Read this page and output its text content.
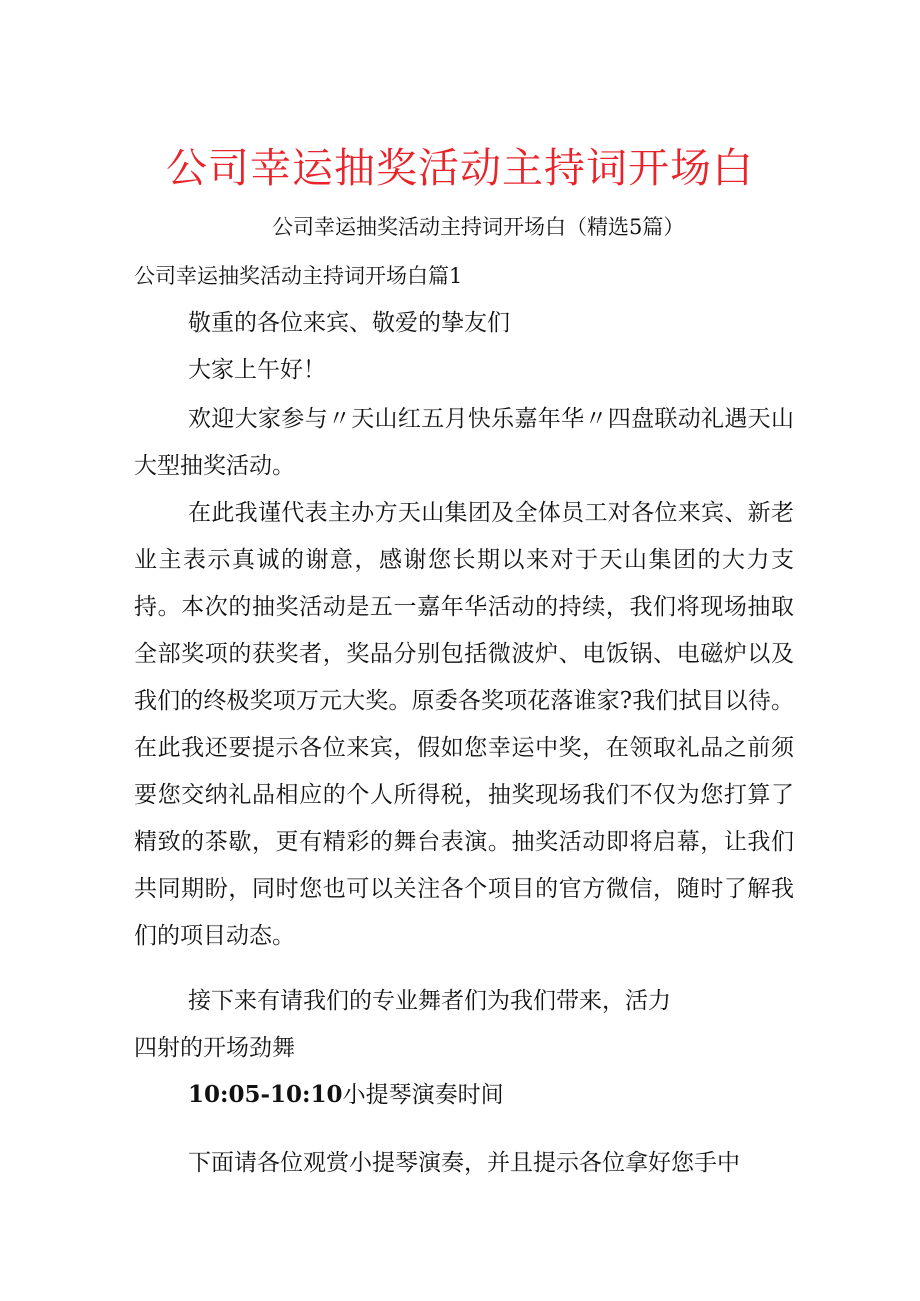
公司幸运抽奖活动主持词开场白
公司幸运抽奖活动主持词开场白（精选5篇）
公司幸运抽奖活动主持词开场白篇1
敬重的各位来宾、敬爱的挚友们
大家上午好！
欢迎大家参与〃天山红五月快乐嘉年华〃四盘联动礼遇天山大型抽奖活动。
在此我谨代表主办方天山集团及全体员工对各位来宾、新老业主表示真诚的谢意，感谢您长期以来对于天山集团的大力支持。本次的抽奖活动是五一嘉年华活动的持续，我们将现场抽取全部奖项的获奖者，奖品分别包括微波炉、电饭锅、电磁炉以及我们的终极奖项万元大奖。原委各奖项花落谁家?我们拭目以待。在此我还要提示各位来宾，假如您幸运中奖，在领取礼品之前须要您交纳礼品相应的个人所得税，抽奖现场我们不仅为您打算了精致的茶歇，更有精彩的舞台表演。抽奖活动即将启幕，让我们共同期盼，同时您也可以关注各个项目的官方微信，随时了解我们的项目动态。
接下来有请我们的专业舞者们为我们带来，活力
四射的开场劲舞
10:05-10:10小提琴演奏时间
下面请各位观赏小提琴演奏，并且提示各位拿好您手中
